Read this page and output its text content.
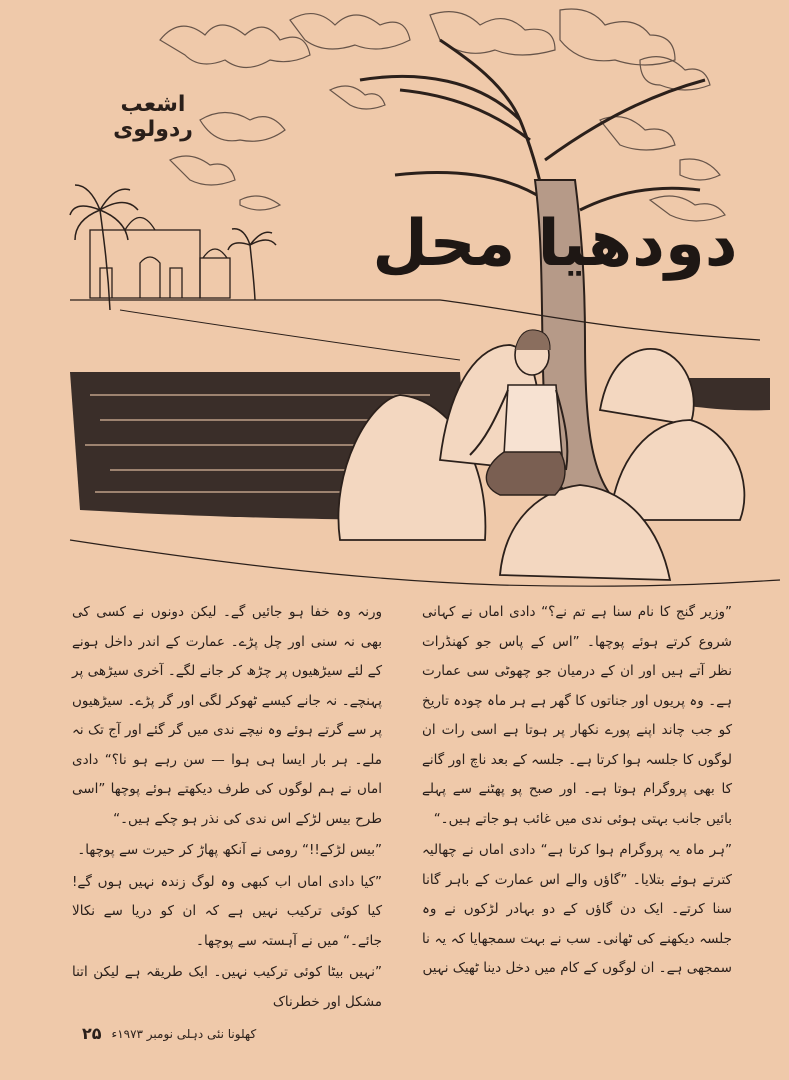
اشعب ردولوی
دودھیا محل

”وزیر گنج کا نام سنا ہے تم نے؟“ دادی اماں نے کہانی شروع کرتے ہوئے پوچھا۔ ”اس کے پاس جو کھنڈرات نظر آتے ہیں اور ان کے درمیان جو چھوٹی سی عمارت ہے۔ وہ پریوں اور جناتوں کا گھر ہے ہر ماہ چودہ تاریخ کو جب چاند اپنے پورے نکھار پر ہوتا ہے اسی رات ان لوگوں کا جلسہ ہوا کرتا ہے۔ جلسہ کے بعد ناچ اور گانے کا بھی پروگرام ہوتا ہے۔ اور صبح پو پھٹنے سے پہلے بائیں جانب بہتی ہوئی ندی میں غائب ہو جاتے ہیں۔“

”ہر ماہ یہ پروگرام ہوا کرتا ہے“ دادی اماں نے چھالیہ کترتے ہوئے بتلایا۔ ”گاؤں والے اس عمارت کے باہر گانا سنا کرتے۔ ایک دن گاؤں کے دو بہادر لڑکوں نے وہ جلسہ دیکھنے کی ٹھانی۔ سب نے بہت سمجھایا کہ یہ نا سمجھی ہے۔ ان لوگوں کے کام میں دخل دینا ٹھیک نہیں

ورنہ وہ خفا ہو جائیں گے۔ لیکن دونوں نے کسی کی بھی نہ سنی اور چل پڑے۔ عمارت کے اندر داخل ہونے کے لئے سیڑھیوں پر چڑھ کر جانے لگے۔ آخری سیڑھی پر پہنچے۔ نہ جانے کیسے ٹھوکر لگی اور گر پڑے۔ سیڑھیوں پر سے گرتے ہوئے وہ نیچے ندی میں گر گئے اور آج تک نہ ملے۔ ہر بار ایسا ہی ہوا — سن رہے ہو نا؟“ دادی اماں نے ہم لوگوں کی طرف دیکھتے ہوئے پوچھا ”اسی طرح بیس لڑکے اس ندی کی نذر ہو چکے ہیں۔“

”بیس لڑکے!!“ رومی نے آنکھ پھاڑ کر حیرت سے پوچھا۔

”کیا دادی اماں اب کبھی وہ لوگ زندہ نہیں ہوں گے! کیا کوئی ترکیب نہیں ہے کہ ان کو دریا سے نکالا جائے۔“ میں نے آہستہ سے پوچھا۔

”نہیں بیٹا کوئی ترکیب نہیں۔ ایک طریقہ ہے لیکن اتنا مشکل اور خطرناک

۲۵ کھلونا نئی دہلی نومبر ۱۹۷۳ء
